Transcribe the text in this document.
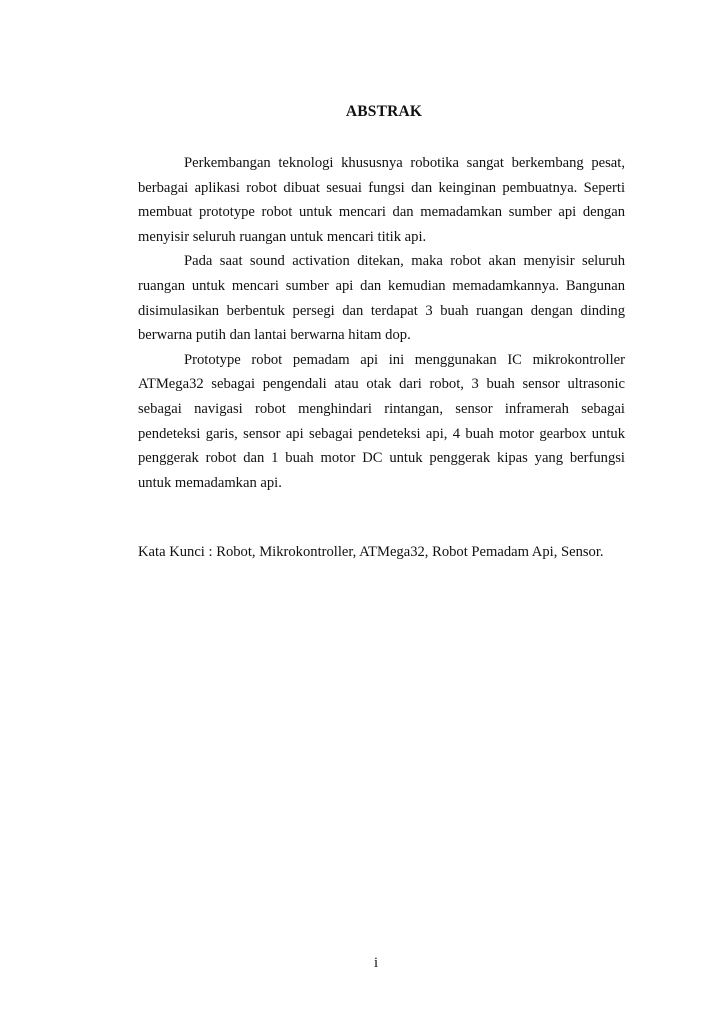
ABSTRAK

Perkembangan teknologi khususnya robotika sangat berkembang pesat, berbagai aplikasi robot dibuat sesuai fungsi dan keinginan pembuatnya. Seperti membuat prototype robot untuk mencari dan memadamkan sumber api dengan menyisir seluruh ruangan untuk mencari titik api.

Pada saat sound activation ditekan, maka robot akan menyisir seluruh ruangan untuk mencari sumber api dan kemudian memadamkannya. Bangunan disimulasikan berbentuk persegi dan terdapat 3 buah ruangan dengan dinding berwarna putih dan lantai berwarna hitam dop.

Prototype robot pemadam api ini menggunakan IC mikrokontroller ATMega32 sebagai pengendali atau otak dari robot, 3 buah sensor ultrasonic sebagai navigasi robot menghindari rintangan, sensor inframerah sebagai pendeteksi garis, sensor api sebagai pendeteksi api, 4 buah motor gearbox untuk penggerak robot dan 1 buah motor DC untuk penggerak kipas yang berfungsi untuk memadamkan api.

Kata Kunci : Robot, Mikrokontroller, ATMega32, Robot Pemadam Api, Sensor.
i
